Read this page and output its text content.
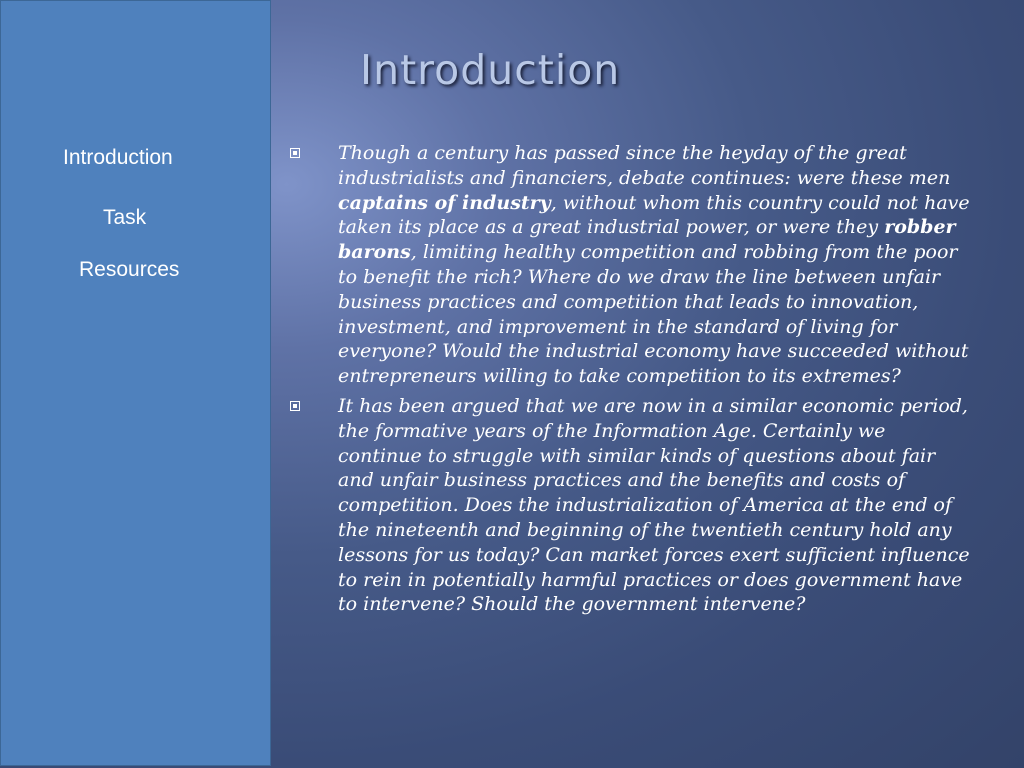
Introduction
Task
Resources
Introduction

Though a century has passed since the heyday of the great industrialists and financiers, debate continues: were these men captains of industry, without whom this country could not have taken its place as a great industrial power, or were they robber barons, limiting healthy competition and robbing from the poor to benefit the rich? Where do we draw the line between unfair business practices and competition that leads to innovation, investment, and improvement in the standard of living for everyone? Would the industrial economy have succeeded without entrepreneurs willing to take competition to its extremes?

It has been argued that we are now in a similar economic period, the formative years of the Information Age. Certainly we continue to struggle with similar kinds of questions about fair and unfair business practices and the benefits and costs of competition. Does the industrialization of America at the end of the nineteenth and beginning of the twentieth century hold any lessons for us today? Can market forces exert sufficient influence to rein in potentially harmful practices or does government have to intervene? Should the government intervene?
